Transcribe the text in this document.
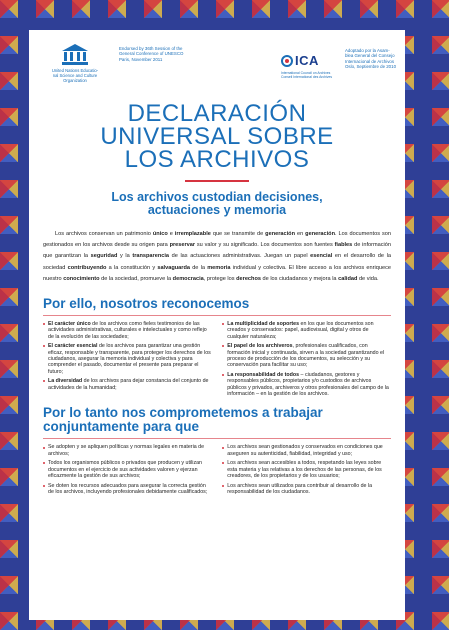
United Nations Educatio-
nal Science and Culture
Organization
Endorsed by 36th Session of the
General Conference of UNESCO
Paris, November 2011	ICA
International Council on Archives
Conseil International des Archives
Adoptado por la Asam-
blea General del Consejo
Internacional de Archivos
Oslo, Septiembre de 2010
DECLARACIÓN
UNIVERSAL SOBRE
LOS ARCHIVOS
Los archivos custodian decisiones,
actuaciones y memoria

Los archivos conservan un patrimonio único e irremplazable que se transmite de generación en generación. Los documentos son gestionados en los archivos desde su origen para preservar su valor y su significado. Los documentos son fuentes fiables de información que garantizan la seguridad y la transparencia de las actuaciones administrativas. Juegan un papel esencial en el desarrollo de la sociedad contribuyendo a la constitución y salvaguarda de la memoria individual y colectiva. El libre acceso a los archivos enriquece nuestro conocimiento de la sociedad, promueve la democracia, protege los derechos de los ciudadanos y mejora la calidad de vida.

Por ello, nosotros reconocemos
El carácter único de los archivos como fieles testimonios de las actividades administrativas, culturales e intelectuales y como reflejo de la evolución de las sociedades;
El carácter esencial de los archivos para garantizar una gestión eficaz, responsable y transparente, para proteger los derechos de los ciudadanos, asegurar la memoria individual y colectiva y para comprender el pasado, documentar el presente para preparar el futuro;
La diversidad de los archivos para dejar constancia del conjunto de actividades de la humanidad;
La multiplicidad de soportes en los que los documentos son creados y conservados: papel, audiovisual, digital y otros de cualquier naturaleza;
El papel de los archiveros, profesionales cualificados, con formación inicial y continuada, sirven a la sociedad garantizando el proceso de producción de los documentos, su selección y su conservación para facilitar su uso;
La responsabilidad de todos – ciudadanos, gestores y responsables públicos, propietarios y/o custodios de archivos públicos y privados, archiveros y otros profesionales del campo de la información – en la gestión de los archivos.
Por lo tanto nos comprometemos a trabajar
conjuntamente para que
Se adopten y se apliquen políticas y normas legales en materia de archivos;
Todos los organismos públicos o privados que producen y utilizan documentos en el ejercicio de sus actividades valoren y ejerzan eficazmente la gestión de sus archivos;
Se doten los recursos adecuados para asegurar la correcta gestión de los archivos, incluyendo profesionales debidamente cualificados;
Los archivos sean gestionados y conservados en condiciones que aseguren su autenticidad, fiabilidad, integridad y uso;
Los archivos sean accesibles a todos, respetando las leyes sobre esta materia y las relativas a los derechos de las personas, de los creadores, de los propietarios y de los usuarios;
Los archivos sean utilizados para contribuir al desarrollo de la responsabilidad de los ciudadanos.
